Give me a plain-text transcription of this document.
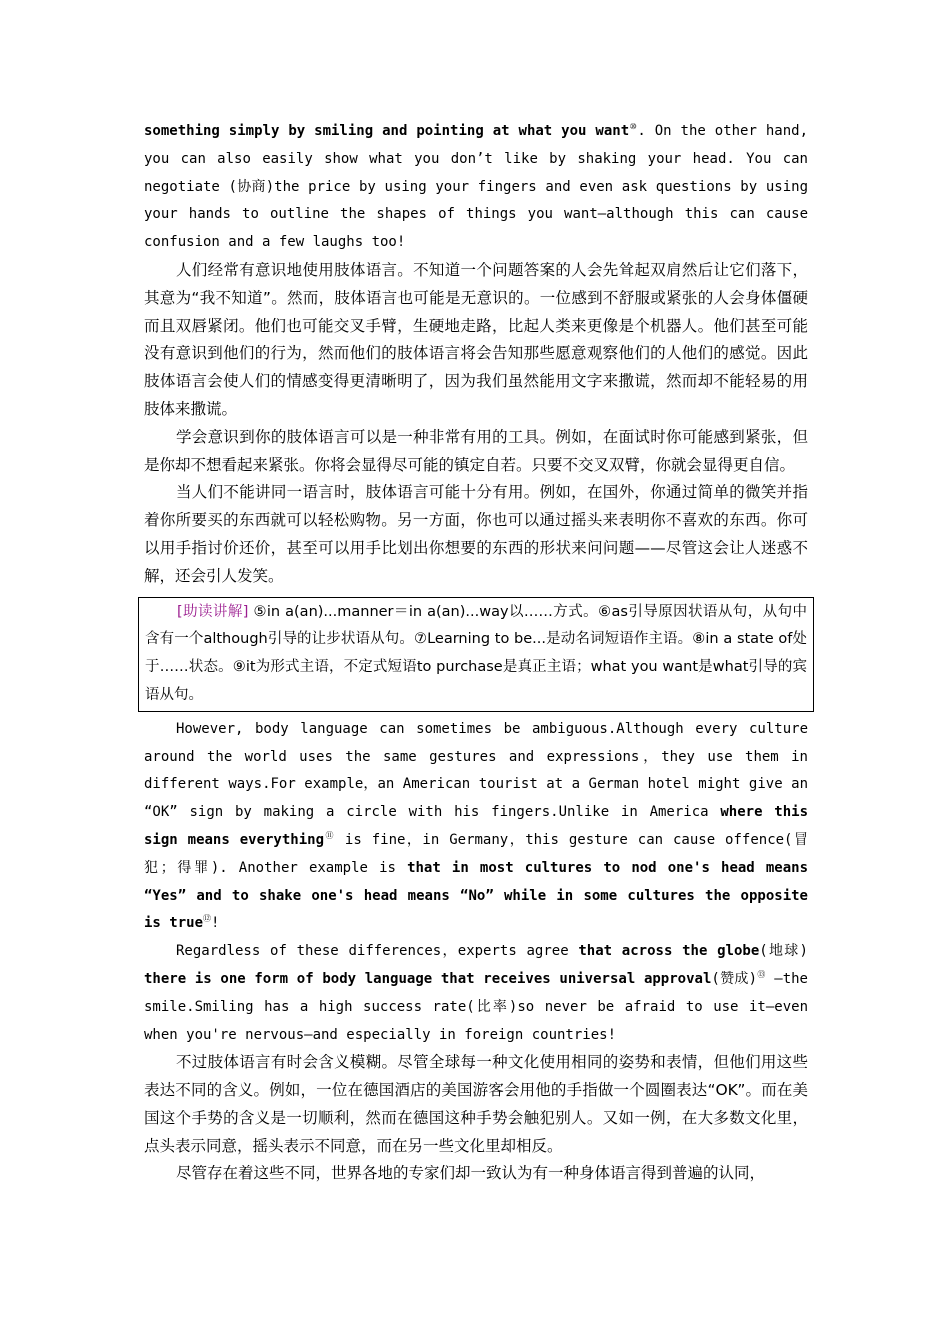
something simply by smiling and pointing at what you want⑩. On the other hand, you can also easily show what you don’t like by shaking your head. You can negotiate (协商)the price by using your fingers and even ask questions by using your hands to outline the shapes of things you want—although this can cause confusion and a few laughs too!

人们经常有意识地使用肢体语言。不知道一个问题答案的人会先耸起双肩然后让它们落下，其意为“我不知道”。然而，肢体语言也可能是无意识的。一位感到不舒服或紧张的人会身体僵硬而且双唇紧闭。他们也可能交叉手臂，生硬地走路，比起人类来更像是个机器人。他们甚至可能没有意识到他们的行为，然而他们的肢体语言将会告知那些愿意观察他们的人他们的感觉。因此肢体语言会使人们的情感变得更清晰明了，因为我们虽然能用文字来撒谎，然而却不能轻易的用肢体来撒谎。

学会意识到你的肢体语言可以是一种非常有用的工具。例如，在面试时你可能感到紧张，但是你却不想看起来紧张。你将会显得尽可能的镇定自若。只要不交叉双臂，你就会显得更自信。

当人们不能讲同一语言时，肢体语言可能十分有用。例如，在国外，你通过简单的微笑并指着你所要买的东西就可以轻松购物。另一方面，你也可以通过摇头来表明你不喜欢的东西。你可以用手指讨价还价，甚至可以用手比划出你想要的东西的形状来问问题——尽管这会让人迷惑不解，还会引人发笑。

[助读讲解] ⑤in a(an)...manner＝in a(an)...way以……方式。⑥as引导原因状语从句，从句中含有一个although引导的让步状语从句。⑦Learning to be...是动名词短语作主语。⑧in a state of处于……状态。⑨it为形式主语，不定式短语to purchase是真正主语；what you want是what引导的宾语从句。

However, body language can sometimes be ambiguous.Although every culture around the world uses the same gestures and expressions，they use them in different ways.For example，an American tourist at a German hotel might give an “OK” sign by making a circle with his fingers.Unlike in America where this sign means everything⑪ is fine，in Germany，this gesture can cause offence(冒犯；得罪). Another example is that in most cultures to nod one's head means “Yes” and to shake one's head means “No” while in some cultures the opposite is true⑫!

Regardless of these differences，experts agree that across the globe(地球) there is one form of body language that receives universal approval(赞成)⑬ —the smile.Smiling has a high success rate(比率)so never be afraid to use it—even when you're nervous—and especially in foreign countries!

不过肢体语言有时会含义模糊。尽管全球每一种文化使用相同的姿势和表情，但他们用这些表达不同的含义。例如，一位在德国酒店的美国游客会用他的手指做一个圆圈表达“OK”。而在美国这个手势的含义是一切顺利，然而在德国这种手势会触犯别人。又如一例，在大多数文化里，点头表示同意，摇头表示不同意，而在另一些文化里却相反。

尽管存在着这些不同，世界各地的专家们却一致认为有一种身体语言得到普遍的认同，
